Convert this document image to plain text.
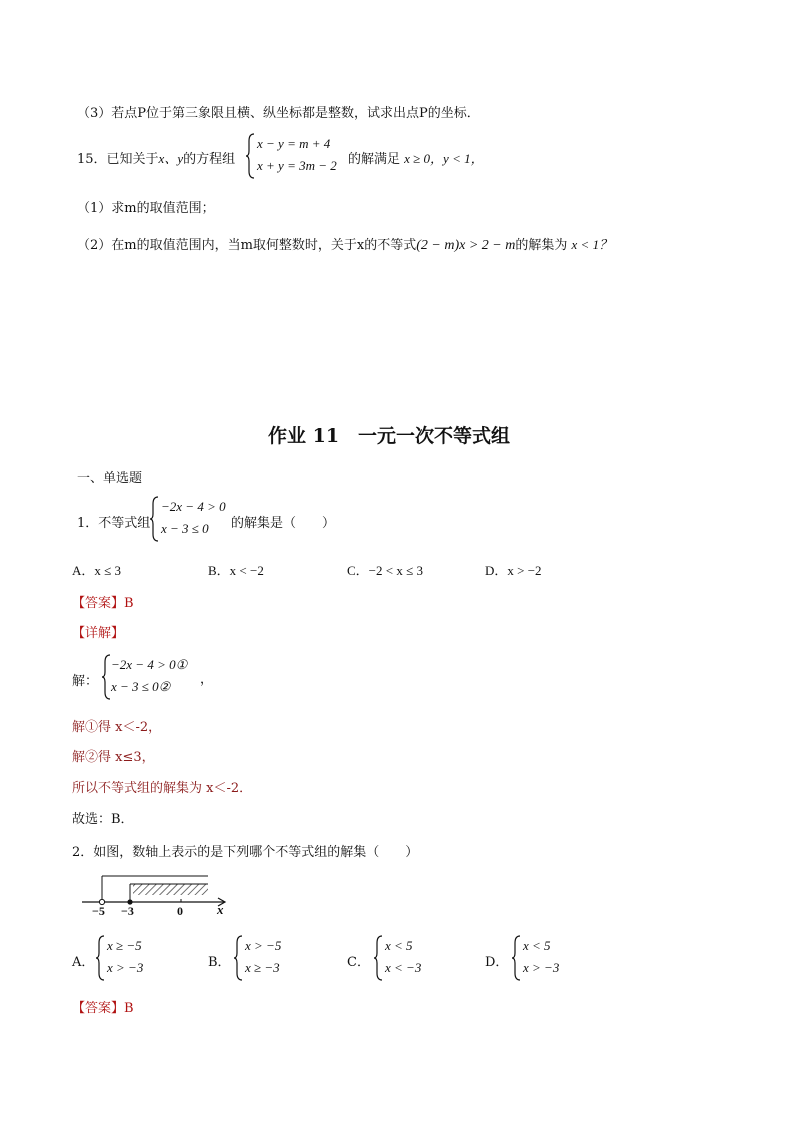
（3）若点P位于第三象限且横、纵坐标都是整数，试求出点P的坐标．
15．已知关于x、y的方程组
x − y = m + 4
x + y = 3m − 2 的解满足 x ≥ 0，y < 1，
（1）求m的取值范围；
（2）在m的取值范围内，当m取何整数时，关于x的不等式(2 − m)x > 2 − m的解集为 x < 1？
作业 11　一元一次不等式组
一、单选题
1．不等式组
−2x − 4 > 0
x − 3 ≤ 0 的解集是（　　）
A．x ≤ 3	B．x < −2	C．−2 < x ≤ 3	D．x > −2
【答案】B
【详解】
解：
−2x − 4 > 0①
x − 3 ≤ 0② ，
解①得 x＜-2，
解②得 x≤3，
所以不等式组的解集为 x＜-2．
故选：B．
2．如图，数轴上表示的是下列哪个不等式组的解集（　　）
−5 −3	0	x
A．
x ≥ −5
x > −3	B．
x > −5
x ≥ −3	C．
x < 5
x < −3	D．
x < 5
x > −3
【答案】B
